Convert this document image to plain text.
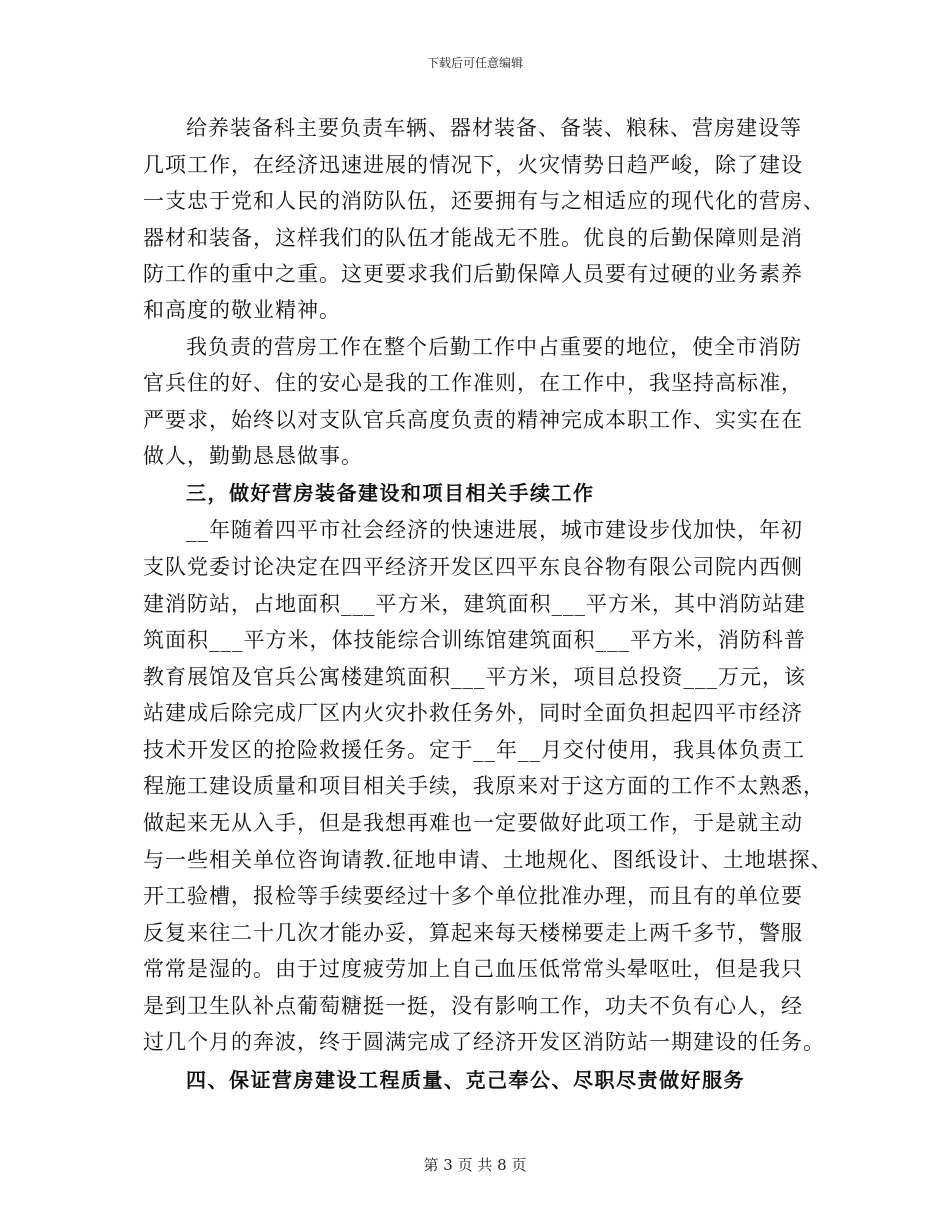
下载后可任意编辑
给养装备科主要负责车辆、器材装备、备装、粮秣、营房建设等
几项工作，在经济迅速进展的情况下，火灾情势日趋严峻，除了建设
一支忠于党和人民的消防队伍，还要拥有与之相适应的现代化的营房、
器材和装备，这样我们的队伍才能战无不胜。优良的后勤保障则是消
防工作的重中之重。这更要求我们后勤保障人员要有过硬的业务素养
和高度的敬业精神。
我负责的营房工作在整个后勤工作中占重要的地位，使全市消防
官兵住的好、住的安心是我的工作准则，在工作中，我坚持高标准，
严要求，始终以对支队官兵高度负责的精神完成本职工作、实实在在
做人，勤勤恳恳做事。
三，做好营房装备建设和项目相关手续工作
__年随着四平市社会经济的快速进展，城市建设步伐加快，年初
支队党委讨论决定在四平经济开发区四平东良谷物有限公司院内西侧
建消防站，占地面积___平方米，建筑面积___平方米，其中消防站建
筑面积___平方米，体技能综合训练馆建筑面积___平方米，消防科普
教育展馆及官兵公寓楼建筑面积___平方米，项目总投资___万元，该
站建成后除完成厂区内火灾扑救任务外，同时全面负担起四平市经济
技术开发区的抢险救援任务。定于__年__月交付使用，我具体负责工
程施工建设质量和项目相关手续，我原来对于这方面的工作不太熟悉，
做起来无从入手，但是我想再难也一定要做好此项工作，于是就主动
与一些相关单位咨询请教.征地申请、土地规化、图纸设计、土地堪探、
开工验槽，报检等手续要经过十多个单位批准办理，而且有的单位要
反复来往二十几次才能办妥，算起来每天楼梯要走上两千多节，警服
常常是湿的。由于过度疲劳加上自己血压低常常头晕呕吐，但是我只
是到卫生队补点葡萄糖挺一挺，没有影响工作，功夫不负有心人，经
过几个月的奔波，终于圆满完成了经济开发区消防站一期建设的任务。
四、保证营房建设工程质量、克己奉公、尽职尽责做好服务
第 3 页 共 8 页
